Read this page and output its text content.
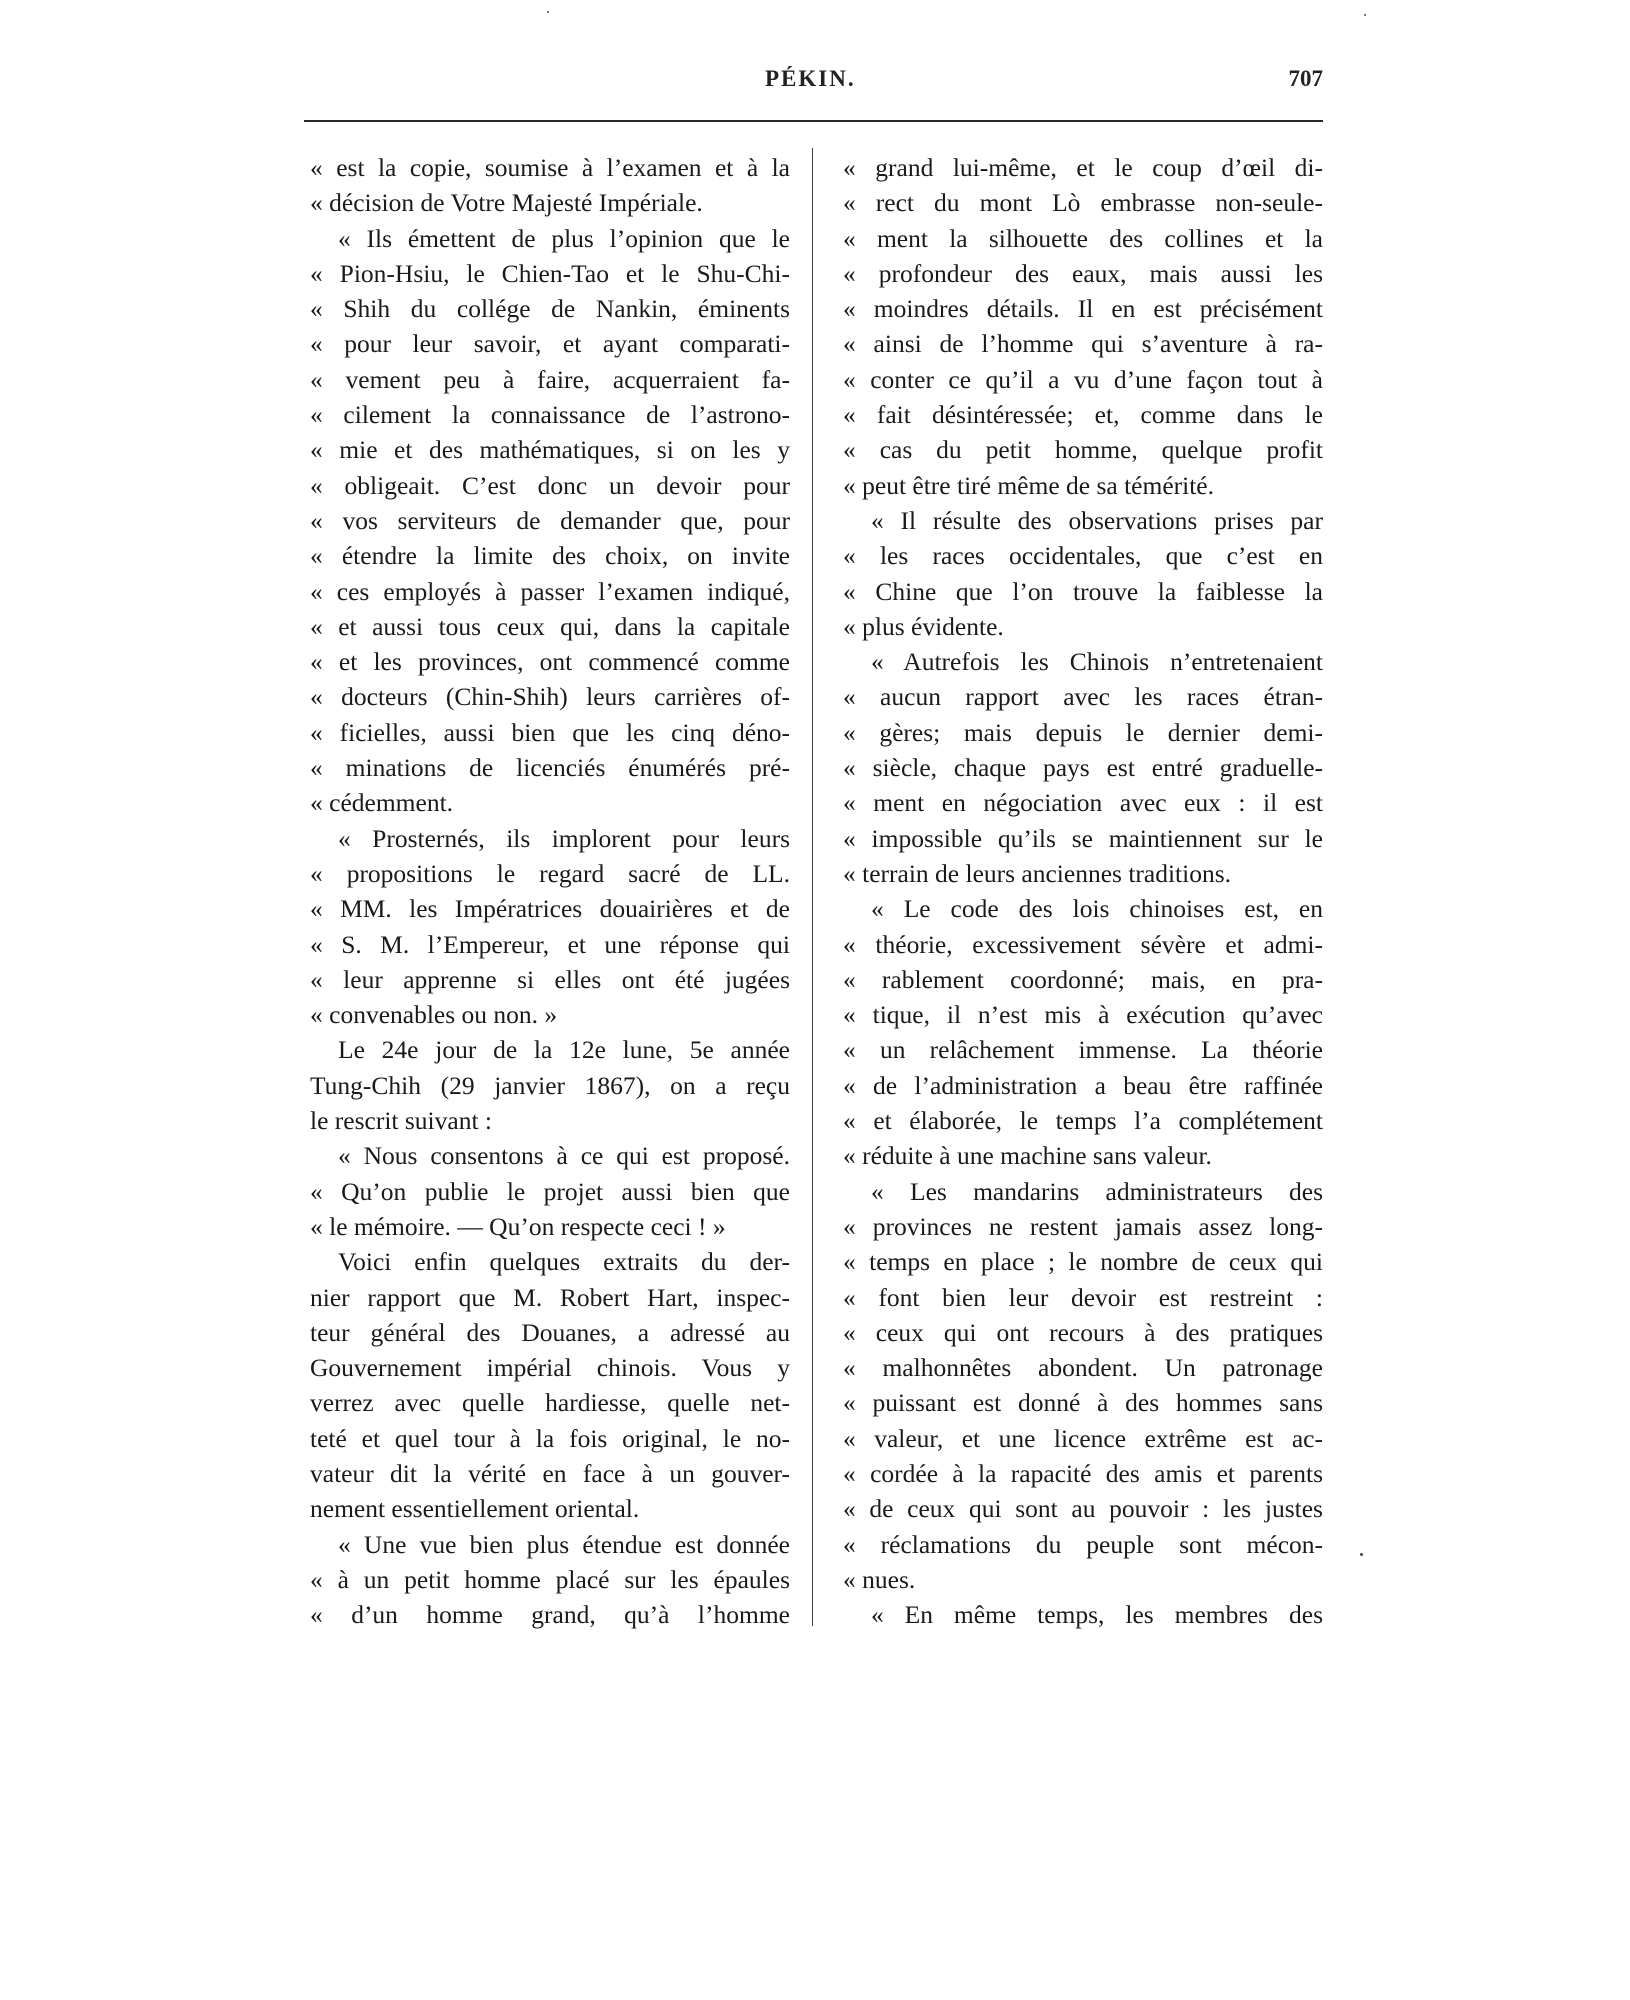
PÉKIN.	707
« est la copie, soumise à l’examen et à la
« décision de Votre Majesté Impériale.
« Ils émettent de plus l’opinion que le
« Pion-Hsiu, le Chien-Tao et le Shu-Chi-
« Shih du collége de Nankin, éminents
« pour leur savoir, et ayant comparati-
« vement peu à faire, acquerraient fa-
« cilement la connaissance de l’astrono-
« mie et des mathématiques, si on les y
« obligeait. C’est donc un devoir pour
« vos serviteurs de demander que, pour
« étendre la limite des choix, on invite
« ces employés à passer l’examen indiqué,
« et aussi tous ceux qui, dans la capitale
« et les provinces, ont commencé comme
« docteurs (Chin-Shih) leurs carrières of-
« ficielles, aussi bien que les cinq déno-
« minations de licenciés énumérés pré-
« cédemment.
« Prosternés, ils implorent pour leurs
« propositions le regard sacré de LL.
« MM. les Impératrices douairières et de
« S. M. l’Empereur, et une réponse qui
« leur apprenne si elles ont été jugées
« convenables ou non. »
Le 24e jour de la 12e lune, 5e année
Tung-Chih (29 janvier 1867), on a reçu
le rescrit suivant :
« Nous consentons à ce qui est proposé.
« Qu’on publie le projet aussi bien que
« le mémoire. — Qu’on respecte ceci ! »
Voici enfin quelques extraits du der-
nier rapport que M. Robert Hart, inspec-
teur général des Douanes, a adressé au
Gouvernement impérial chinois. Vous y
verrez avec quelle hardiesse, quelle net-
teté et quel tour à la fois original, le no-
vateur dit la vérité en face à un gouver-
nement essentiellement oriental.
« Une vue bien plus étendue est donnée
« à un petit homme placé sur les épaules
« d’un homme grand, qu’à l’homme
« grand lui-même, et le coup d’œil di-
« rect du mont Lò embrasse non-seule-
« ment la silhouette des collines et la
« profondeur des eaux, mais aussi les
« moindres détails. Il en est précisément
« ainsi de l’homme qui s’aventure à ra-
« conter ce qu’il a vu d’une façon tout à
« fait désintéressée; et, comme dans le
« cas du petit homme, quelque profit
« peut être tiré même de sa témérité.
« Il résulte des observations prises par
« les races occidentales, que c’est en
« Chine que l’on trouve la faiblesse la
« plus évidente.
« Autrefois les Chinois n’entretenaient
« aucun rapport avec les races étran-
« gères; mais depuis le dernier demi-
« siècle, chaque pays est entré graduelle-
« ment en négociation avec eux : il est
« impossible qu’ils se maintiennent sur le
« terrain de leurs anciennes traditions.
« Le code des lois chinoises est, en
« théorie, excessivement sévère et admi-
« rablement coordonné; mais, en pra-
« tique, il n’est mis à exécution qu’avec
« un relâchement immense. La théorie
« de l’administration a beau être raffinée
« et élaborée, le temps l’a complétement
« réduite à une machine sans valeur.
« Les mandarins administrateurs des
« provinces ne restent jamais assez long-
« temps en place ; le nombre de ceux qui
« font bien leur devoir est restreint :
« ceux qui ont recours à des pratiques
« malhonnêtes abondent. Un patronage
« puissant est donné à des hommes sans
« valeur, et une licence extrême est ac-
« cordée à la rapacité des amis et parents
« de ceux qui sont au pouvoir : les justes
« réclamations du peuple sont mécon-
« nues.
« En même temps, les membres des
